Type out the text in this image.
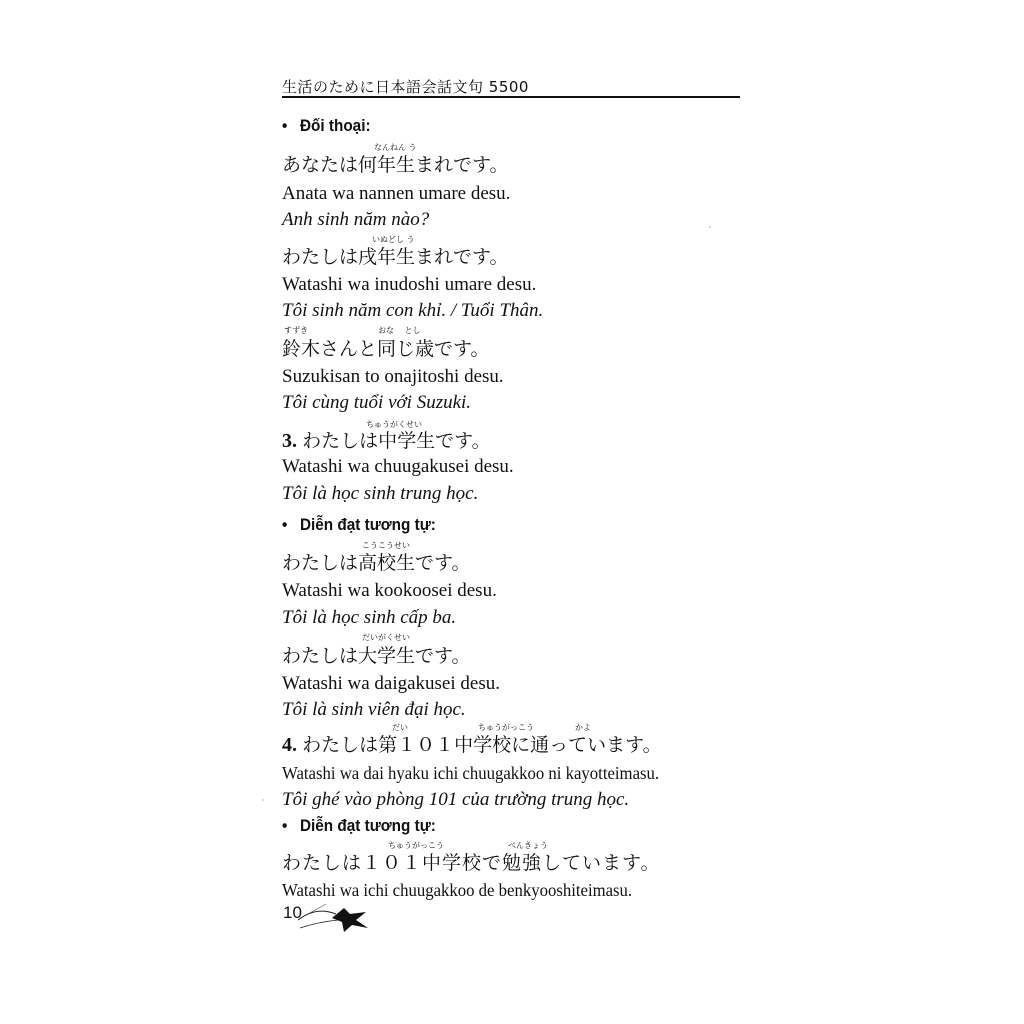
生活のために日本語会話文句 5500
• Đối thoại:
なんねん う
あなたは何年生まれです。
Anata wa nannen umare desu.
Anh sinh năm nào?
いぬどし う
わたしは戌年生まれです。
Watashi wa inudoshi umare desu.
Tôi sinh năm con khỉ. / Tuổi Thân.
すずき	おな とし
鈴木さんと同じ歳です。
Suzukisan to onajitoshi desu.
Tôi cùng tuổi với Suzuki.
ちゅうがくせい
3. わたしは中学生です。
Watashi wa chuugakusei desu.
Tôi là học sinh trung học.
• Diễn đạt tương tự:
こうこうせい
わたしは高校生です。
Watashi wa kookoosei desu.
Tôi là học sinh cấp ba.
だいがくせい
わたしは大学生です。
Watashi wa daigakusei desu.
Tôi là sinh viên đại học.
だい	ちゅうがっこう	かよ
4. わたしは第１０１中学校に通っています。
Watashi wa dai hyaku ichi chuugakkoo ni kayotteimasu.
Tôi ghé vào phòng 101 của trường trung học.
• Diễn đạt tương tự:
ちゅうがっこう	べんきょう
わたしは１０１中学校で勉強しています。
Watashi wa ichi chuugakkoo de benkyooshiteimasu.
10
